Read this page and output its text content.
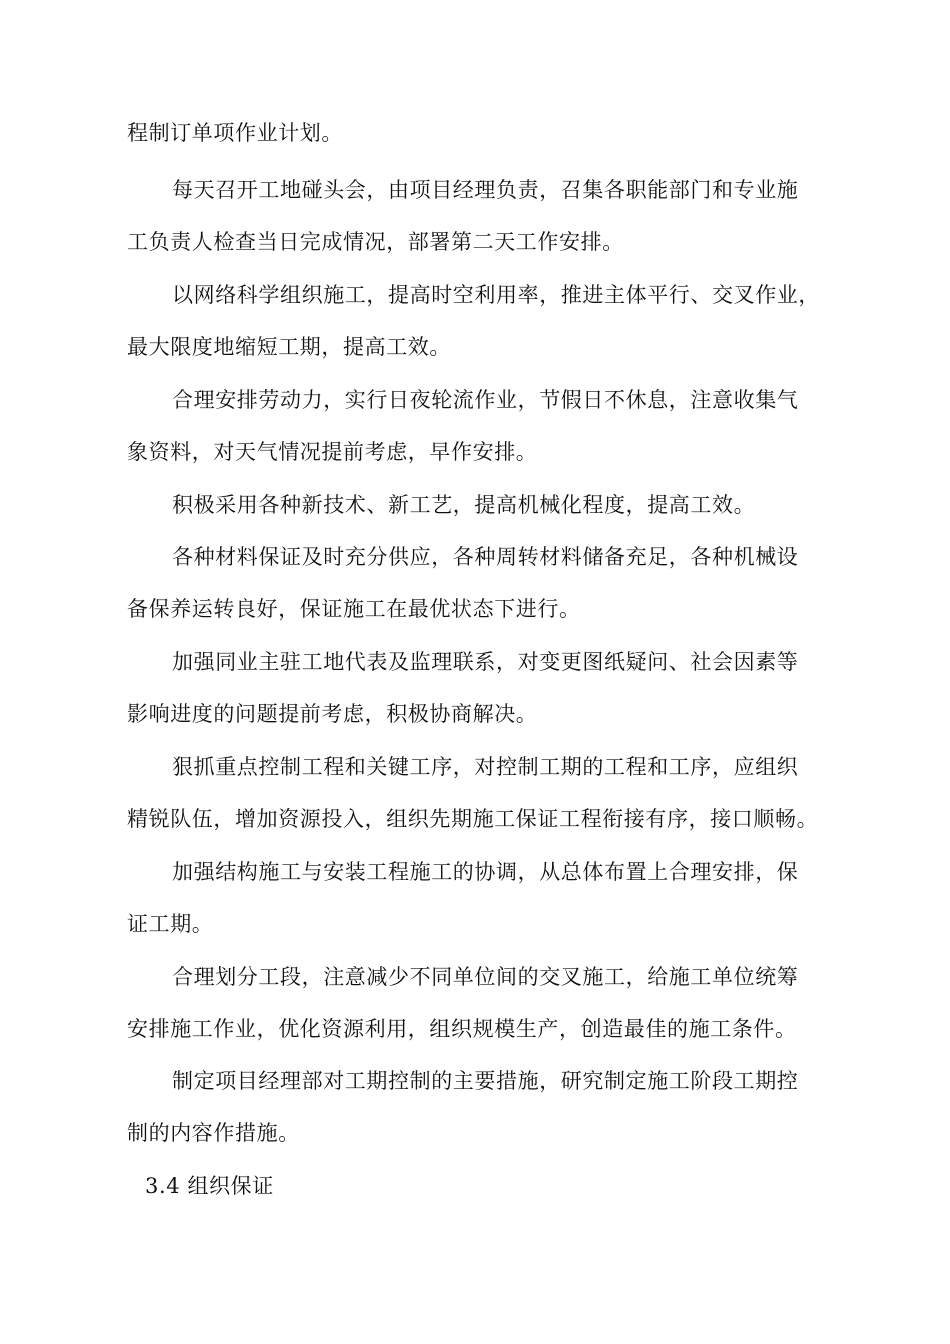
程制订单项作业计划。
每天召开工地碰头会，由项目经理负责，召集各职能部门和专业施
工负责人检查当日完成情况，部署第二天工作安排。
以网络科学组织施工，提高时空利用率，推进主体平行、交叉作业，
最大限度地缩短工期，提高工效。
合理安排劳动力，实行日夜轮流作业，节假日不休息，注意收集气
象资料，对天气情况提前考虑，早作安排。
积极采用各种新技术、新工艺，提高机械化程度，提高工效。
各种材料保证及时充分供应，各种周转材料储备充足，各种机械设
备保养运转良好，保证施工在最优状态下进行。
加强同业主驻工地代表及监理联系，对变更图纸疑问、社会因素等
影响进度的问题提前考虑，积极协商解决。
狠抓重点控制工程和关键工序，对控制工期的工程和工序，应组织
精锐队伍，增加资源投入，组织先期施工保证工程衔接有序，接口顺畅。
加强结构施工与安装工程施工的协调，从总体布置上合理安排，保
证工期。
合理划分工段，注意减少不同单位间的交叉施工，给施工单位统筹
安排施工作业，优化资源利用，组织规模生产，创造最佳的施工条件。
制定项目经理部对工期控制的主要措施，研究制定施工阶段工期控
制的内容作措施。
3.4 组织保证
